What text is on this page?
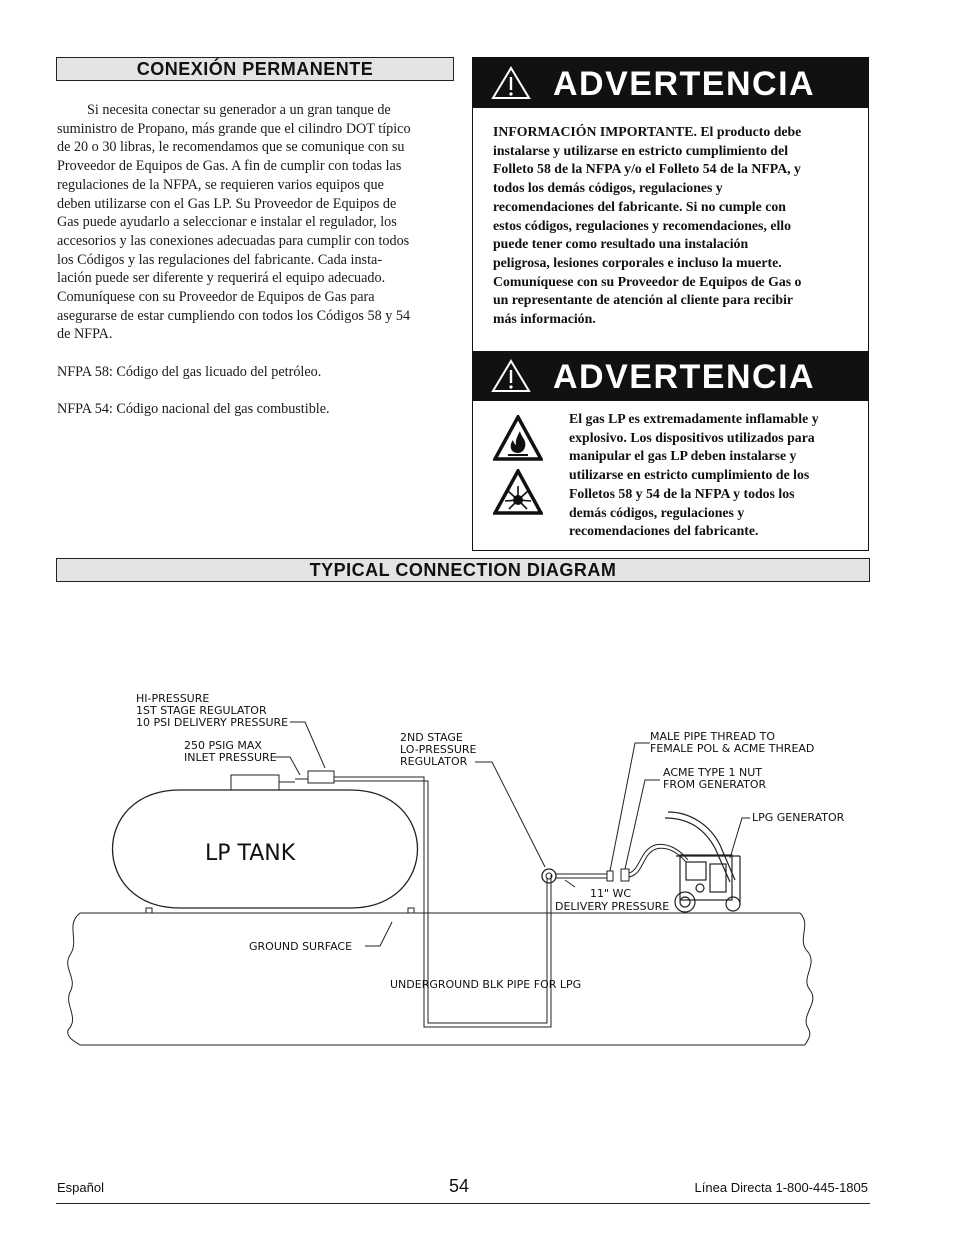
CONEXIÓN PERMANENTE

Si necesita conectar su generador a un gran tanque de
suministro de Propano, más grande que el cilindro DOT típico
de 20 o 30 libras, le recomendamos que se comunique con su
Proveedor de Equipos de Gas. A fin de cumplir con todas las
regulaciones de la NFPA, se requieren varios equipos que
deben utilizarse con el Gas LP. Su Proveedor de Equipos de
Gas puede ayudarlo a seleccionar e instalar el regulador, los
accesorios y las conexiones adecuadas para cumplir con todos
los Códigos y las regulaciones del fabricante. Cada insta-
lación puede ser diferente y requerirá el equipo adecuado.
Comuníquese con su Proveedor de Equipos de Gas para
asegurarse de estar cumpliendo con todos los Códigos 58 y 54
de NFPA.

NFPA 58: Código del gas licuado del petróleo.
NFPA 54: Código nacional del gas combustible.
ADVERTENCIA
INFORMACIÓN IMPORTANTE. El producto debe
instalarse y utilizarse en estricto cumplimiento del
Folleto 58 de la NFPA y/o el Folleto 54 de la NFPA, y
todos los demás códigos, regulaciones y
recomendaciones del fabricante. Si no cumple con
estos códigos, regulaciones y recomendaciones, ello
puede tener como resultado una instalación
peligrosa, lesiones corporales e incluso la muerte.
Comuníquese con su Proveedor de Equipos de Gas o
un representante de atención al cliente para recibir
más información.

ADVERTENCIA
El gas LP es extremadamente inflamable y
explosivo. Los dispositivos utilizados para
manipular el gas LP deben instalarse y
utilizarse en estricto cumplimiento de los
Folletos 58 y 54 de la NFPA y todos los
demás códigos, regulaciones y
recomendaciones del fabricante.

TYPICAL CONNECTION DIAGRAM
LP TANK
HI-PRESSURE
1ST STAGE REGULATOR
10 PSI DELIVERY PRESSURE
250 PSIG MAX
INLET PRESSURE
2ND STAGE
LO-PRESSURE
REGULATOR
MALE PIPE THREAD TO
FEMALE POL & ACME THREAD
ACME TYPE 1 NUT
FROM GENERATOR
LPG GENERATOR
11" WC
DELIVERY PRESSURE
GROUND SURFACE
UNDERGROUND BLK PIPE FOR LPG
Español	54	Línea Directa 1-800-445-1805
